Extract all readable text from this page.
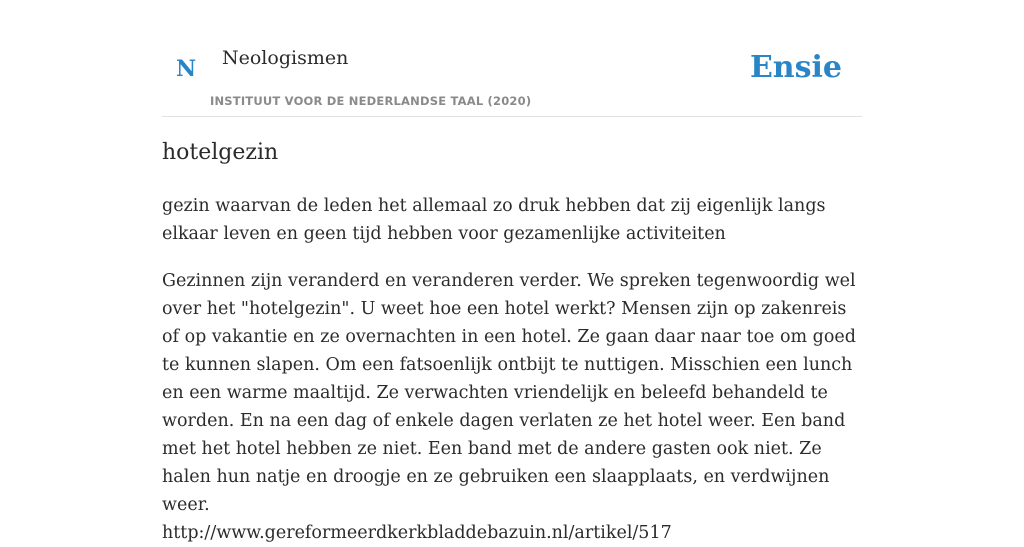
N Neologismen
INSTITUUT VOOR DE NEDERLANDSE TAAL (2020)
Ensie
hotelgezin

gezin waarvan de leden het allemaal zo druk hebben dat zij eigenlijk langs elkaar leven en geen tijd hebben voor gezamenlijke activiteiten

Gezinnen zijn veranderd en veranderen verder. We spreken tegenwoordig wel over het "hotelgezin". U weet hoe een hotel werkt? Mensen zijn op zakenreis of op vakantie en ze overnachten in een hotel. Ze gaan daar naar toe om goed te kunnen slapen. Om een fatsoenlijk ontbijt te nuttigen. Misschien een lunch en een warme maaltijd. Ze verwachten vriendelijk en beleefd behandeld te worden. En na een dag of enkele dagen verlaten ze het hotel weer. Een band met het hotel hebben ze niet. Een band met de andere gasten ook niet. Ze halen hun natje en droogje en ze gebruiken een slaapplaats, en verdwijnen weer.
http://www.gereformeerdkerkbladdebazuin.nl/artikel/517
